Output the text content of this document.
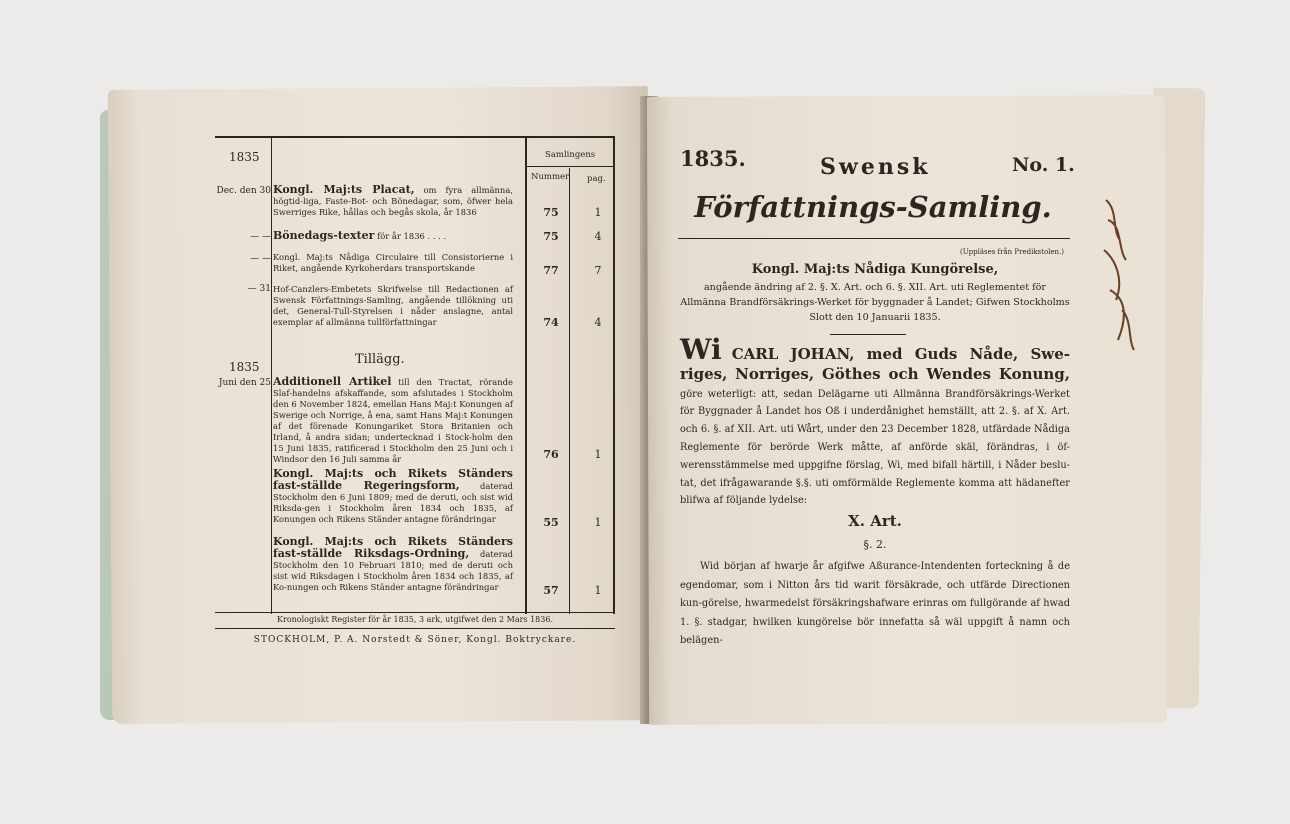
Samlingens
Nummer. pag.
1835
Dec. den 30 Kongl. Maj:ts Placat, om fyra allmänna, högtid-liga, Faste-Bot- och Bönedagar, som, öfwer hela Swerriges Rike, hållas och begås skola, år 1836	75	1
— — Bönedags-texter för år 1836 . . . .	75	4
— — Kongl. Maj:ts Nådiga Circulaire till Consistorierne i Riket, angående Kyrkoherdars transportskande	77	7
— 31 Hof-Canzlers-Embetets Skrifwelse till Redactionen af Swensk Författnings-Samling, angående tillökning uti det, General-Tull-Styrelsen i nåder anslagne, antal exemplar af allmänna tullförfattningar	74	4
1835	Tillägg.
Juni den 25 Additionell Artikel till den Tractat, rörande Slaf-handelns afskaffande, som afslutades i Stockholm den 6 November 1824, emellan Hans Maj:t Konungen af Swerige och Norrige, å ena, samt Hans Maj:t Konungen af det förenade Konungariket Stora Britanien och Irland, å andra sidan; undertecknad i Stock-holm den 15 Juni 1835, ratificerad i Stockholm den 25 Juni och i Windsor den 16 Juli samma år	76	1
Kongl. Maj:ts och Rikets Ständers fast-ställde Regeringsform, daterad Stockholm den 6 Juni 1809; med de deruti, och sist wid Riksda-gen i Stockholm åren 1834 och 1835, af Konungen och Rikens Ständer antagne förändringar	55	1
Kongl. Maj:ts och Rikets Ständers fast-ställde Riksdags-Ordning, daterad Stockholm den 10 Februari 1810; med de deruti och sist wid Riksdagen i Stockholm åren 1834 och 1835, af Ko-nungen och Rikens Ständer antagne förändringar	57	1
Kronologiskt Register för år 1835, 3 ark, utgifwet den 2 Mars 1836.
STOCKHOLM, P. A. Norstedt & Söner, Kongl. Boktryckare.
1835.	Swensk	No. 1.
Författnings-Samling.
(Uppläses från Predikstolen.)
Kongl. Maj:ts Nådiga Kungörelse,
angående ändring af 2. §. X. Art. och 6. §. XII. Art. uti Reglementet för Allmänna Brandförsäkrings-Werket för byggnader å Landet; Gifwen Stockholms Slott den 10 Januarii 1835.
Wi CARL JOHAN, med Guds Nåde, Swe-riges, Norriges, Göthes och Wendes Konung, göre weterligt: att, sedan Delägarne uti Allmänna Brandförsäkrings-Werket för Byggnader å Landet hos Oß i underdånighet hemställt, att 2. §. af X. Art. och 6. §. af XII. Art. uti Wårt, under den 23 December 1828, utfärdade Nådiga Reglemente för berörde Werk måtte, af anförde skäl, förändras, i öf-werensstämmelse med uppgifne förslag, Wi, med bifall härtill, i Nåder beslu-tat, det ifrågawarande §.§. uti omförmälde Reglemente komma att hädanefter blifwa af följande lydelse:
X. Art.
§. 2.
Wid början af hwarje år afgifwe Aßurance-Intendenten forteckning å de egendomar, som i Nitton års tid warit försäkrade, och utfärde Directionen kun-görelse, hwarmedelst försäkringshafware erinras om fullgörande af hwad 1. §. stadgar, hwilken kungörelse bör innefatta så wäl uppgift å namn och belägen-
